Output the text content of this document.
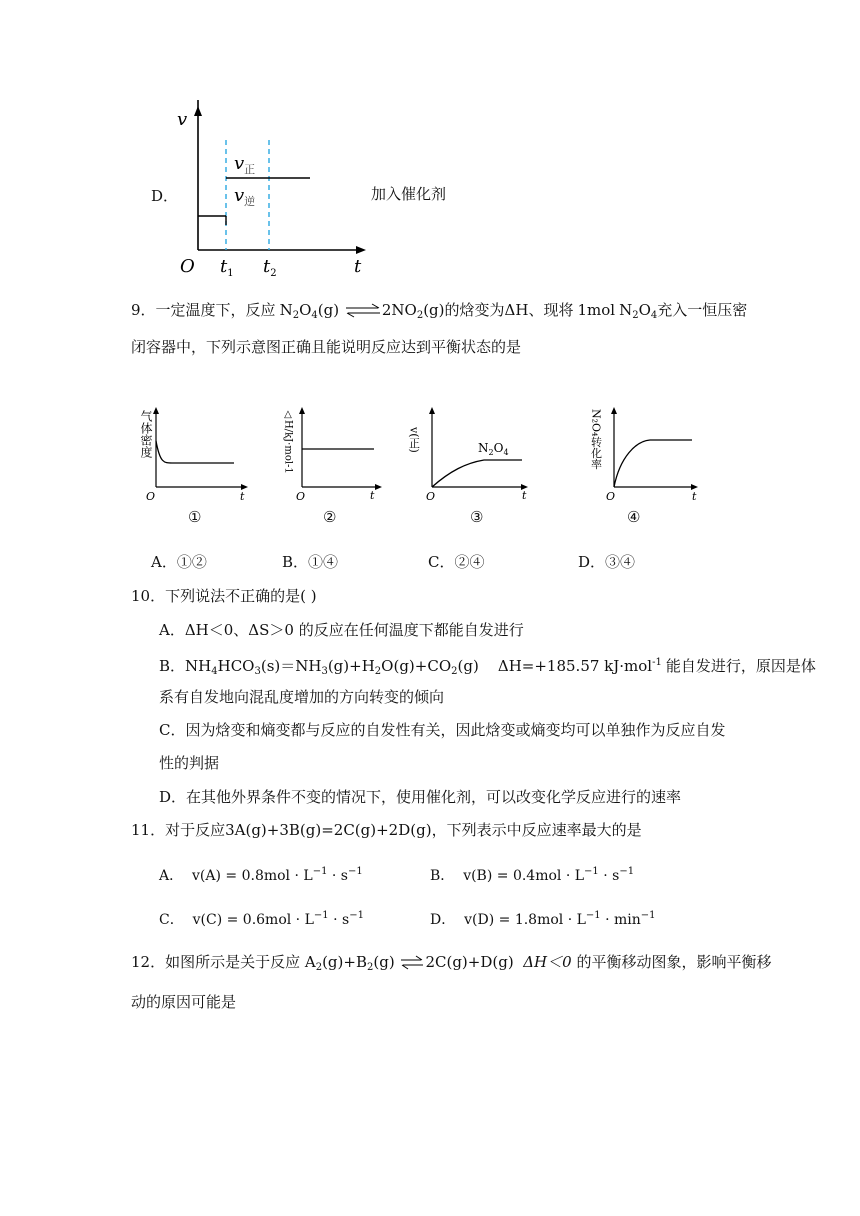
D．
v
O $t_1$ $t_2$	t
$v_正$
$v_逆$	加入催化剂
9．一定温度下，反应 $N_2O_4(g)$	$2NO_2(g)$的焓变为ΔH、现将 1mol $N_2O_4$充入一恒压密
闭容器中，下列示意图正确且能说明反应达到平衡状态的是
气体密度
O	t
①
△H/kJ·mol -1
O	t
②
v(正)	$N_2O_4$
O	t
③
N₂O₄转化率
O	t
④
A．①②	B．①④	C．②④	D．③④
10．下列说法不正确的是( )
A．ΔH＜0、ΔS＞0 的反应在任何温度下都能自发进行
B．$NH_4HCO_3(s)=NH_3(g)+H_2O(g)+CO_2(g)$    ΔH=+185.57 kJ·mol$^{-1}$ 能自发进行，原因是体
系有自发地向混乱度增加的方向转变的倾向
C．因为焓变和熵变都与反应的自发性有关，因此焓变或熵变均可以单独作为反应自发
性的判据
D．在其他外界条件不变的情况下，使用催化剂，可以改变化学反应进行的速率
11．对于反应3A(g)+3B(g)=2C(g)+2D(g)，下列表示中反应速率最大的是
A．  $v(A) = 0.8mol \cdot L^{-1} \cdot s^{-1}$	B．  $v(B) = 0.4mol \cdot L^{-1} \cdot s^{-1}$
C．  $v(C) = 0.6mol \cdot L^{-1} \cdot s^{-1}$	D．  $v(D) = 1.8mol \cdot L^{-1} \cdot \min^{-1}$
12．如图所示是关于反应 $A_2(g)+B_2(g)$ 2C(g)+D(g)  ΔH＜0 的平衡移动图象，影响平衡移
动的原因可能是
